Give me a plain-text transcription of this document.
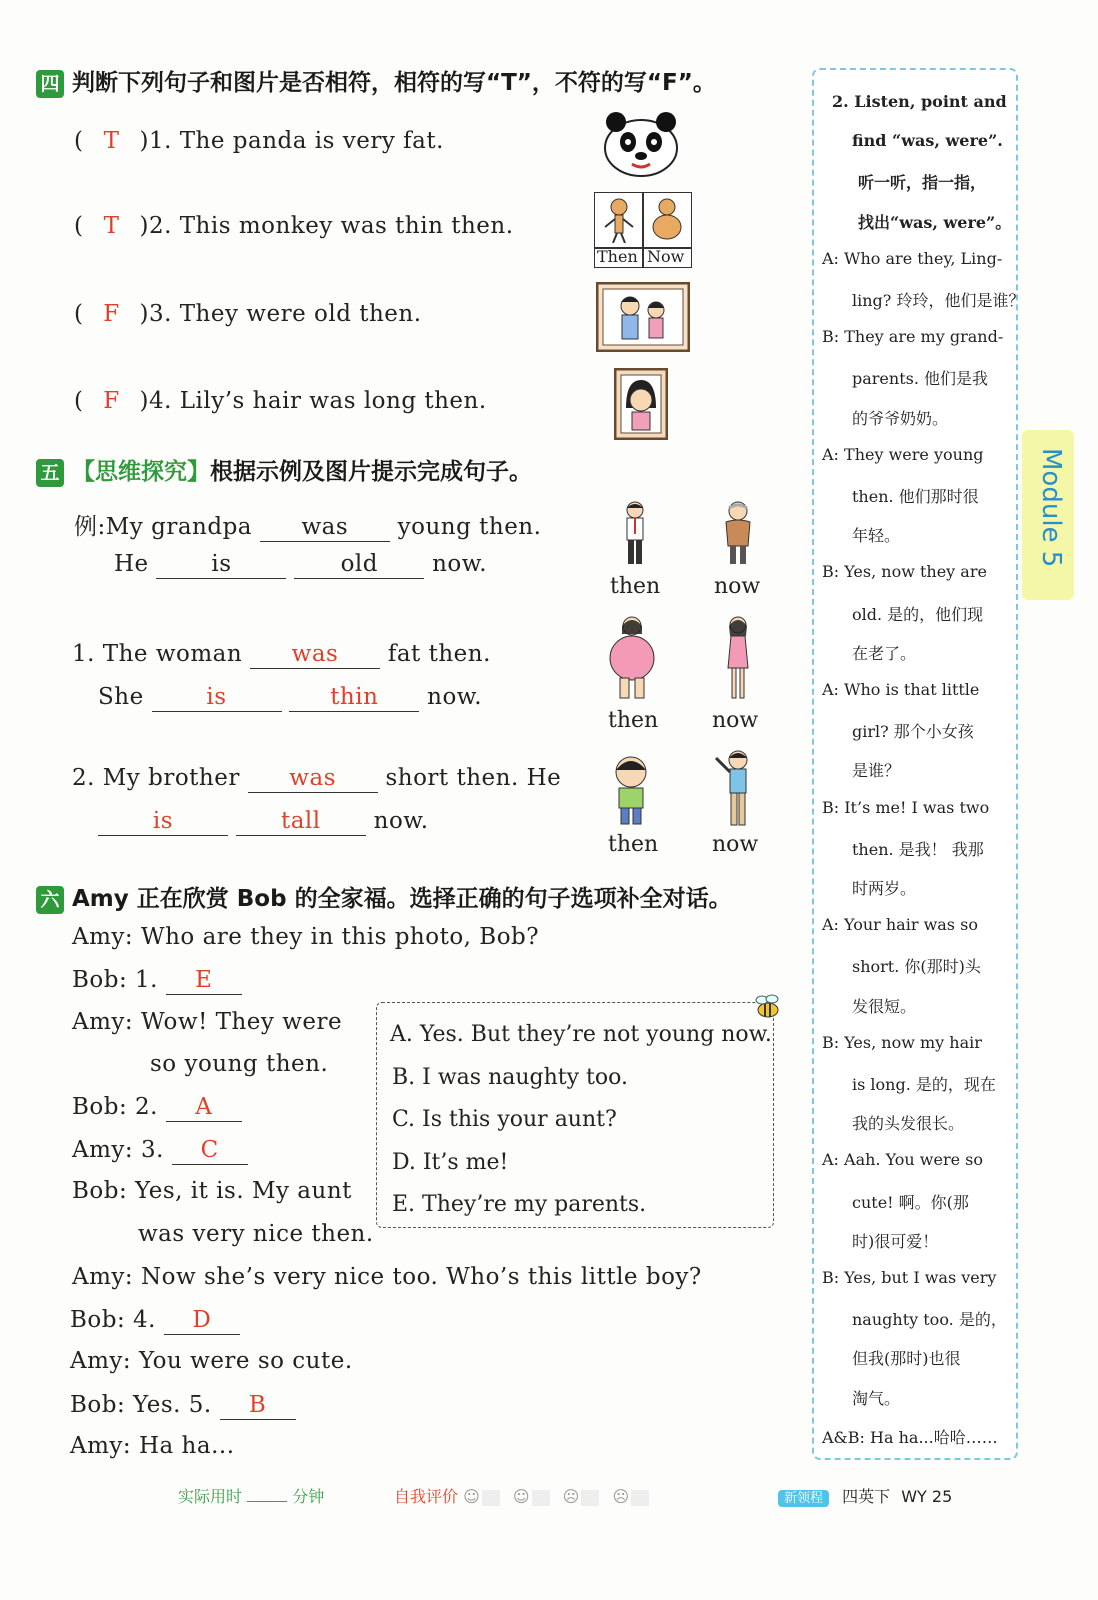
四 判断下列句子和图片是否相符，相符的写“T”，不符的写“F”。
( T )1. The panda is very fat.
( T )2. This monkey was thin then.
( F )3. They were old then.
( F )4. Lily’s hair was long then.
Then Now
五 【思维探究】根据示例及图片提示完成句子。
例:My grandpa was young then.
He	is	old now.
1. The woman was fat then.
She	is	thin now.
2. My brother was short then. He
is	tall now.
then now
then now
then now
六 Amy 正在欣赏 Bob 的全家福。选择正确的句子选项补全对话。
Amy: Who are they in this photo, Bob?
Bob: 1. E
Amy: Wow! They were
so young then.
Bob: 2. A
Amy: 3. C
Bob: Yes, it is. My aunt
was very nice then.
Amy: Now she’s very nice too. Who’s this little boy?
Bob: 4. D
Amy: You were so cute.
Bob: Yes. 5. B
Amy: Ha ha...
A. Yes. But they’re not young now.
B. I was naughty too.
C. Is this your aunt?
D. It’s me!
E. They’re my parents.
2. Listen, point and
find “was, were”.
听一听，指一指，
找出“was, were”。
A: Who are they, Ling-
ling? 玲玲，他们是谁？
B: They are my grand-
parents. 他们是我
的爷爷奶奶。
A: They were young
then. 他们那时很
年轻。
B: Yes, now they are
old. 是的，他们现
在老了。
A: Who is that little
girl? 那个小女孩
是谁？
B: It’s me! I was two
then. 是我！ 我那
时两岁。
A: Your hair was so
short. 你(那时)头
发很短。
B: Yes, now my hair
is long. 是的，现在
我的头发很长。
A: Aah. You were so
cute! 啊。你(那
时)很可爱！
B: Yes, but I was very
naughty too. 是的，
但我(那时)也很
淘气。
A&B: Ha ha...哈哈……
Module 5
实际用时	分钟	自我评价 ☺ ☺ ☹ ☹	新领程 四英下 WY 25
